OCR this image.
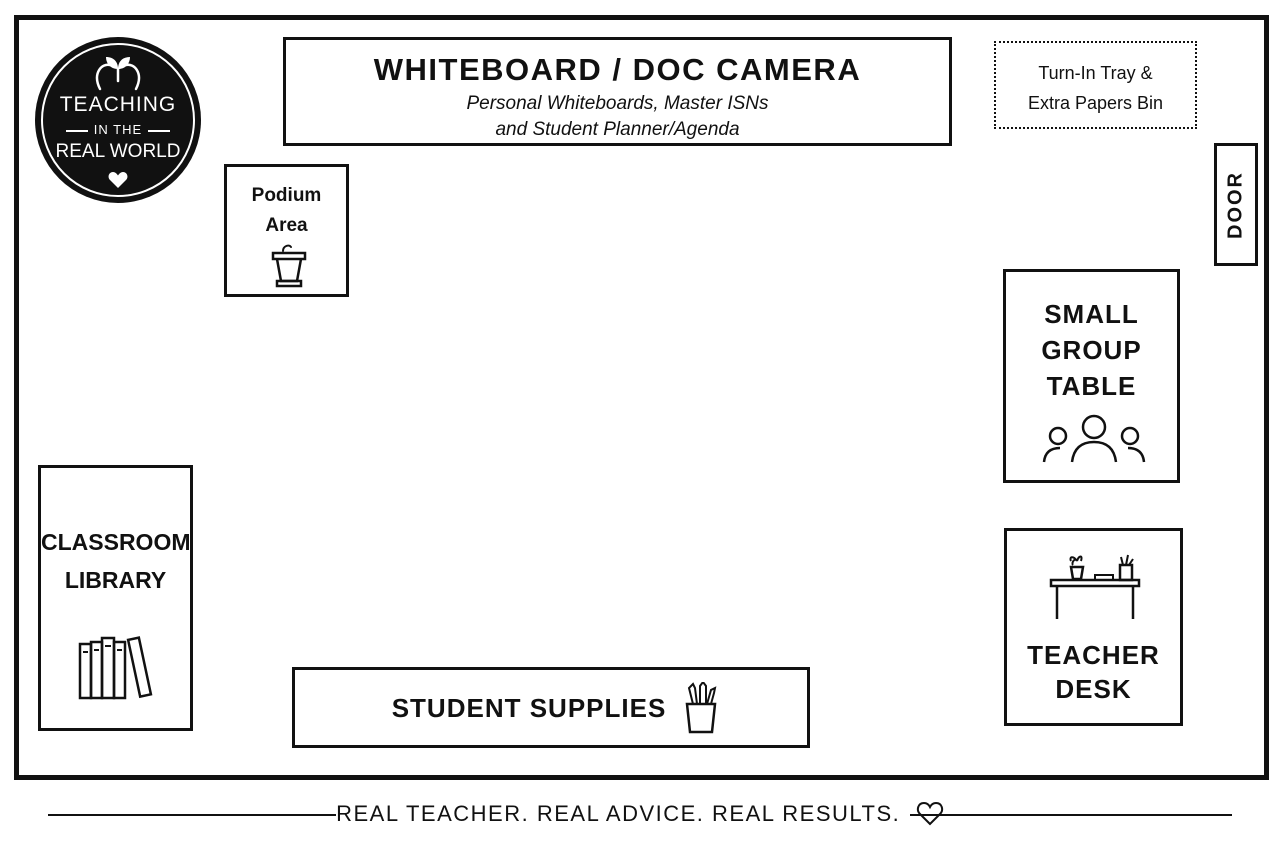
TEACHING
IN THE
REAL WORLD
WHITEBOARD / DOC CAMERA
Personal Whiteboards, Master ISNs
and Student Planner/Agenda
Turn-In Tray &
Extra Papers Bin
DOOR
Podium
Area
SMALL
GROUP
TABLE
CLASSROOM
LIBRARY
TEACHER
DESK
STUDENT SUPPLIES
REAL TEACHER. REAL ADVICE. REAL RESULTS.
